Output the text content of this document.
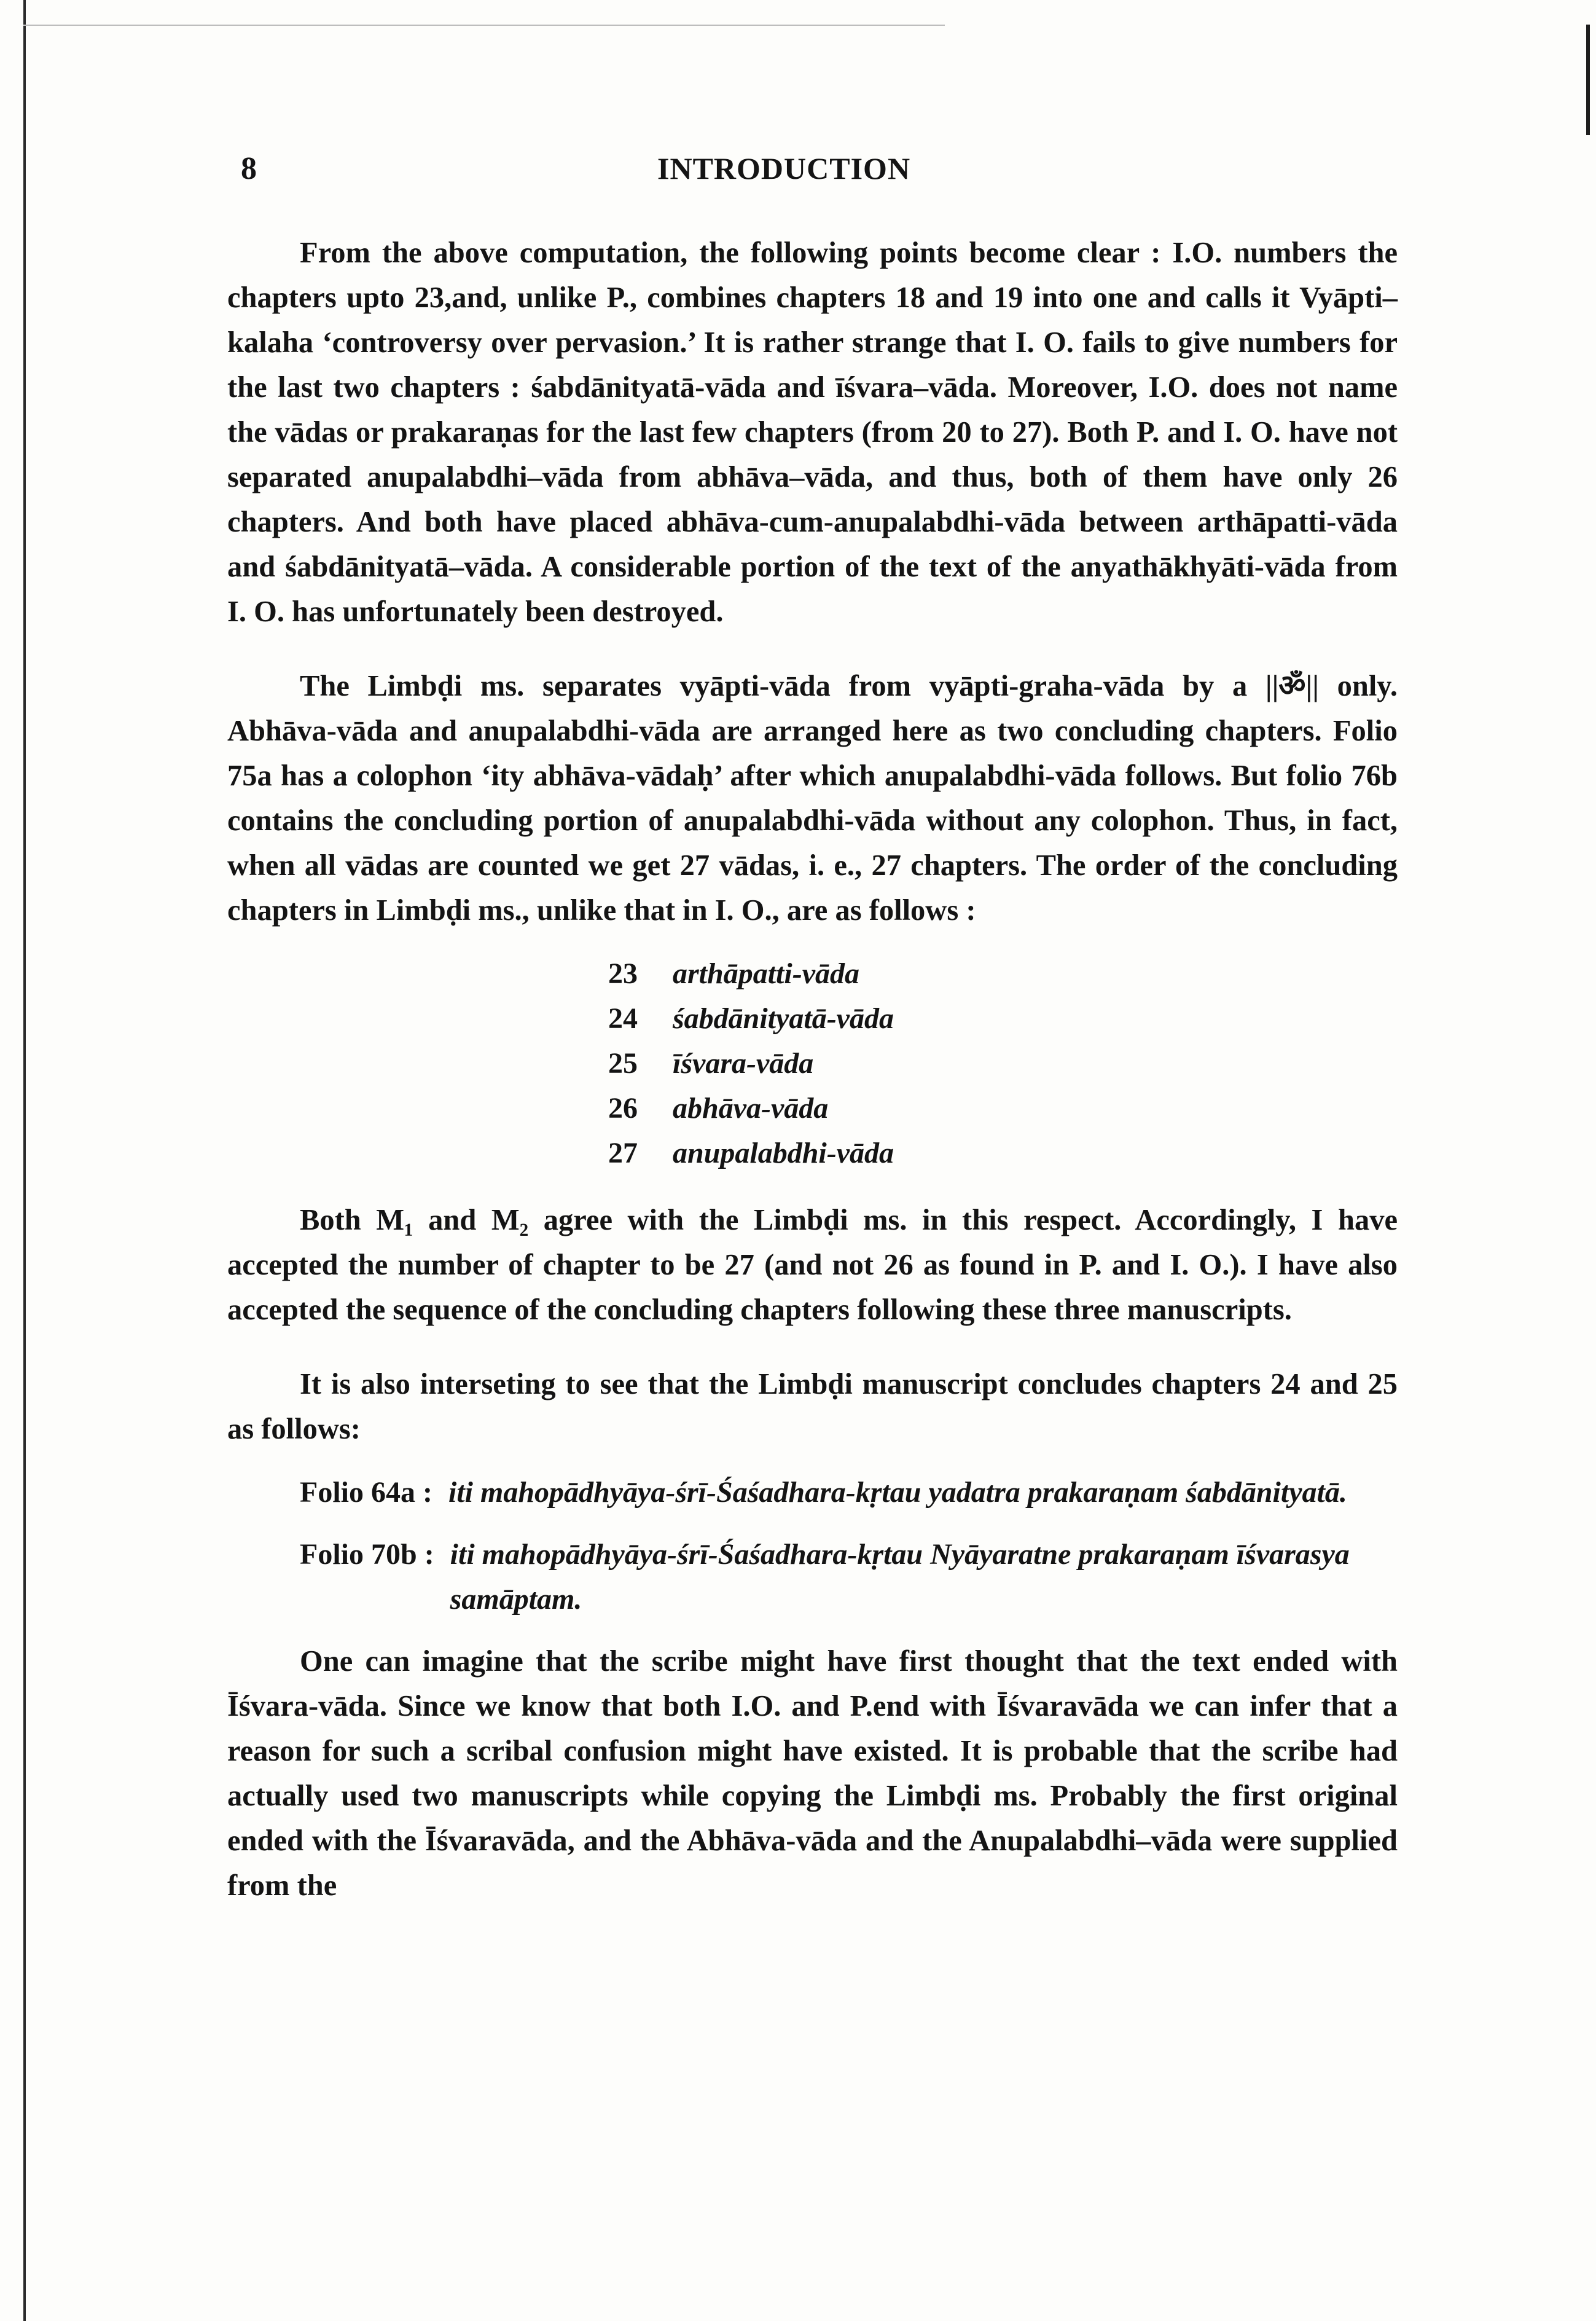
8	INTRODUCTION

From the above computation, the following points become clear : I.O. numbers the chapters upto 23,and, unlike P., combines chapters 18 and 19 into one and calls it Vyāpti–kalaha ‘controversy over pervasion.’ It is rather strange that I. O. fails to give numbers for the last two chapters : śabdānityatā-vāda and īśvara–vāda. Moreover, I.O. does not name the vādas or prakaraṇas for the last few chapters (from 20 to 27). Both P. and I. O. have not separated anupalabdhi–vāda from abhāva–vāda, and thus, both of them have only 26 chapters. And both have placed abhāva-cum-anupalabdhi-vāda between arthāpatti-vāda and śabdānityatā–vāda. A considerable portion of the text of the anyathākhyāti-vāda from I. O. has unfortunately been destroyed.

The Limbḍi ms. separates vyāpti-vāda from vyāpti-graha-vāda by a ||ॐ|| only. Abhāva-vāda and anupalabdhi-vāda are arranged here as two concluding chapters. Folio 75a has a colophon ‘ity abhāva-vādaḥ’ after which anupalabdhi-vāda follows. But folio 76b contains the concluding portion of anupalabdhi-vāda without any colophon. Thus, in fact, when all vādas are counted we get 27 vādas, i. e., 27 chapters. The order of the concluding chapters in Limbḍi ms., unlike that in I. O., are as follows :

23 arthāpatti-vāda
24 śabdānityatā-vāda
25 īśvara-vāda
26 abhāva-vāda
27 anupalabdhi-vāda

Both M₁ and M₂ agree with the Limbḍi ms. in this respect. Accordingly, I have accepted the number of chapter to be 27 (and not 26 as found in P. and I. O.). I have also accepted the sequence of the concluding chapters following these three manuscripts.

It is also interseting to see that the Limbḍi manuscript concludes chapters 24 and 25 as follows:

Folio 64a : iti mahopādhyāya-śrī-Śaśadhara-kṛtau yadatra prakaraṇam śabdānityatā.
Folio 70b : iti mahopādhyāya-śrī-Śaśadhara-kṛtau Nyāyaratne prakaraṇam īśvarasya samāptam.

One can imagine that the scribe might have first thought that the text ended with Īśvara-vāda. Since we know that both I.O. and P.end with Īśvaravāda we can infer that a reason for such a scribal confusion might have existed. It is probable that the scribe had actually used two manuscripts while copying the Limbḍi ms. Probably the first original ended with the Īśvaravāda, and the Abhāva-vāda and the Anupalabdhi–vāda were supplied from the
